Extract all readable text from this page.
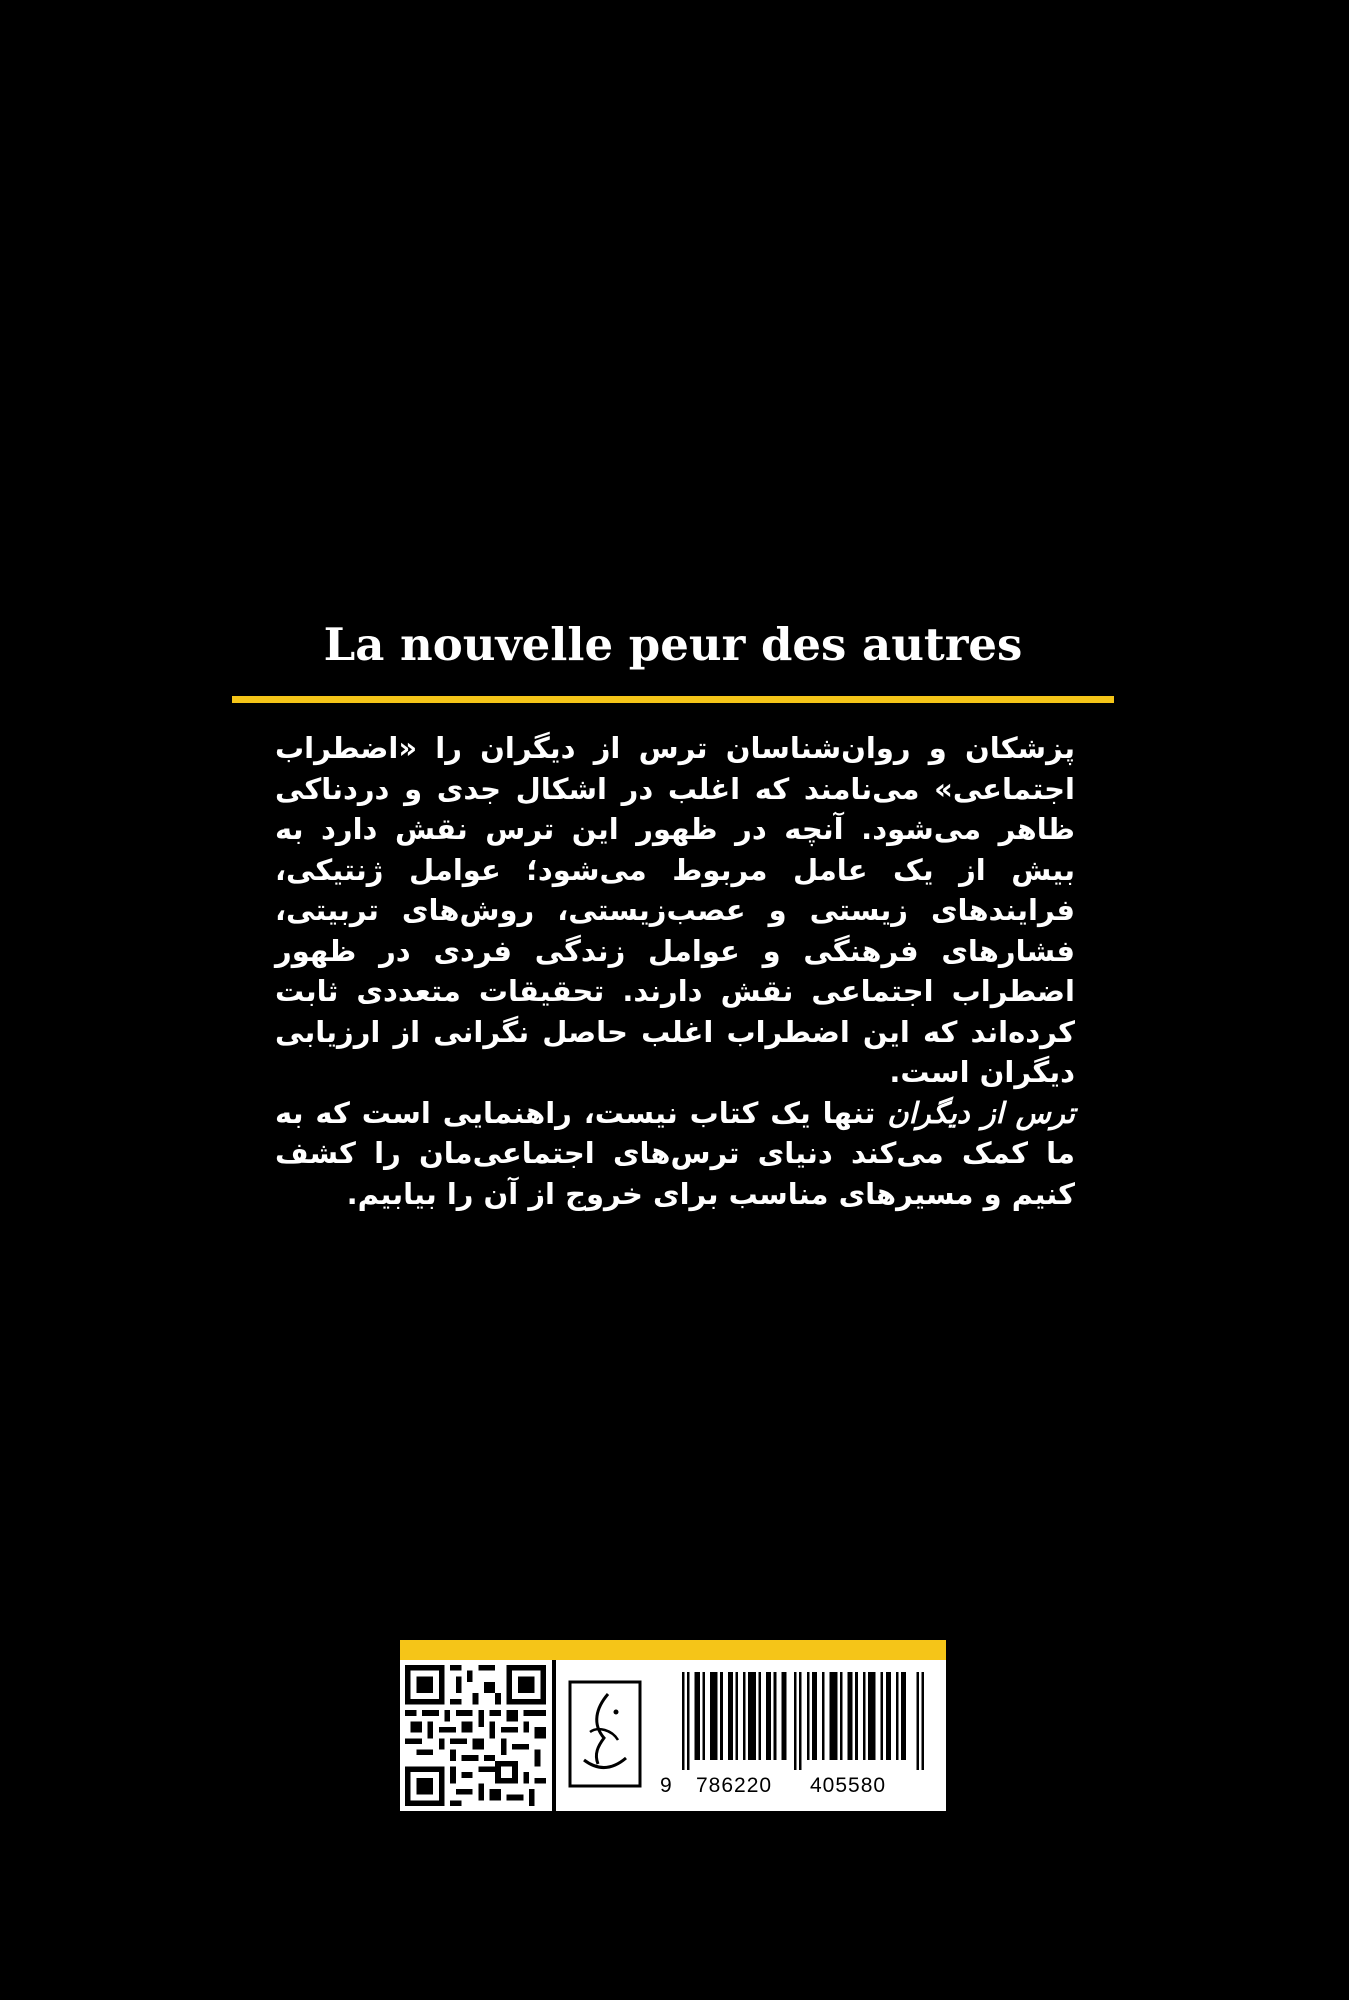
La nouvelle peur des autres

پزشکان و روان‌شناسان ترس از دیگران را «اضطراب اجتماعی» می‌نامند که اغلب در اشکال جدی و دردناکی ظاهر می‌شود. آنچه در ظهور این ترس نقش دارد به بیش از یک عامل مربوط می‌شود؛ عوامل ژنتیکی، فرایندهای زیستی و عصب‌زیستی، روش‌های تربیتی، فشارهای فرهنگی و عوامل زندگی فردی در ظهور اضطراب اجتماعی نقش دارند. تحقیقات متعددی ثابت کرده‌اند که این اضطراب اغلب حاصل نگرانی از ارزیابی دیگران است.

ترس از دیگران تنها یک کتاب نیست، راهنمایی است که به ما کمک می‌کند دنیای ترس‌های اجتماعی‌مان را کشف کنیم و مسیرهای مناسب برای خروج از آن را بیابیم.

9 786220 405580
